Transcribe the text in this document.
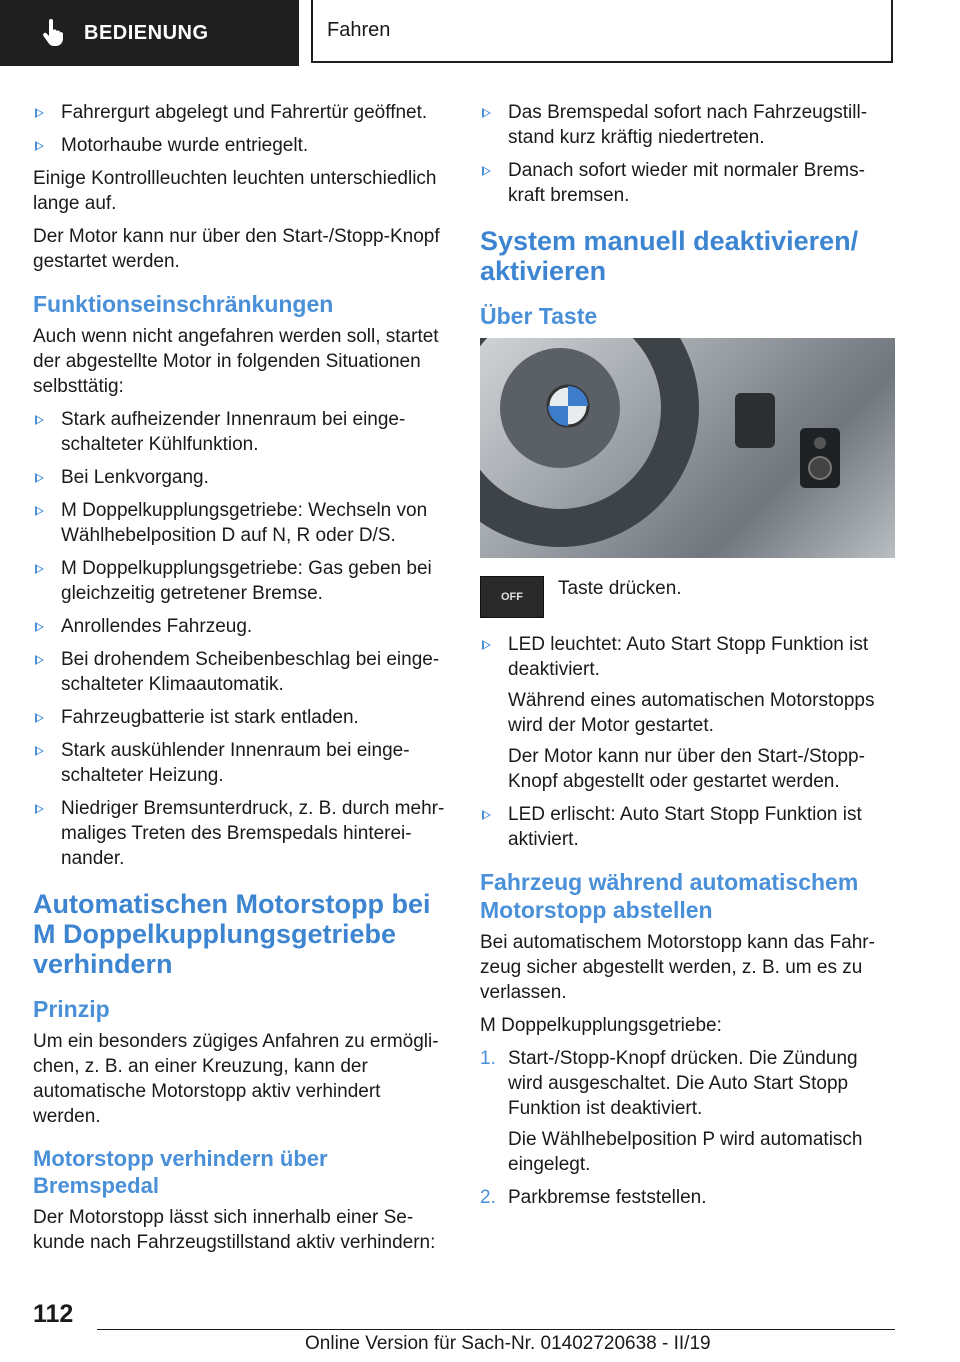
BEDIENUNG	Fahren
Fahrergurt abgelegt und Fahrertür geöffnet.
Motorhaube wurde entriegelt.

Einige Kontrollleuchten leuchten unterschiedlich lange auf.

Der Motor kann nur über den Start-/Stopp-Knopf gestartet werden.

Funktionseinschränkungen

Auch wenn nicht angefahren werden soll, startet der abgestellte Motor in folgenden Situationen selbsttätig:

Stark aufheizender Innenraum bei eingeschalteter Kühlfunktion.
Bei Lenkvorgang.
M Doppelkupplungsgetriebe: Wechseln von Wählhebelposition D auf N, R oder D/S.
M Doppelkupplungsgetriebe: Gas geben bei gleichzeitig getretener Bremse.
Anrollendes Fahrzeug.
Bei drohendem Scheibenbeschlag bei eingeschalteter Klimaautomatik.
Fahrzeugbatterie ist stark entladen.
Stark auskühlender Innenraum bei eingeschalteter Heizung.
Niedriger Bremsunterdruck, z. B. durch mehrmaliges Treten des Bremspedals hintereinander.
Automatischen Motorstopp bei M Doppelkupplungsgetriebe verhindern
Prinzip

Um ein besonders zügiges Anfahren zu ermöglichen, z. B. an einer Kreuzung, kann der automatische Motorstopp aktiv verhindert werden.

Motorstopp verhindern über Bremspedal

Der Motorstopp lässt sich innerhalb einer Sekunde nach Fahrzeugstillstand aktiv verhindern:

Das Bremspedal sofort nach Fahrzeugstillstand kurz kräftig niedertreten.
Danach sofort wieder mit normaler Bremskraft bremsen.
System manuell deaktivieren/ aktivieren
Über Taste
OFF Taste drücken.
LED leuchtet: Auto Start Stopp Funktion ist deaktiviert.
Während eines automatischen Motorstopps wird der Motor gestartet.
Der Motor kann nur über den Start-/Stopp-Knopf abgestellt oder gestartet werden.
LED erlischt: Auto Start Stopp Funktion ist aktiviert.
Fahrzeug während automatischem Motorstopp abstellen

Bei automatischem Motorstopp kann das Fahrzeug sicher abgestellt werden, z. B. um es zu verlassen.

M Doppelkupplungsgetriebe:

1. Start-/Stopp-Knopf drücken. Die Zündung wird ausgeschaltet. Die Auto Start Stopp Funktion ist deaktiviert.
Die Wählhebelposition P wird automatisch eingelegt.
2. Parkbremse feststellen.
112
Online Version für Sach-Nr. 01402720638 - II/19
